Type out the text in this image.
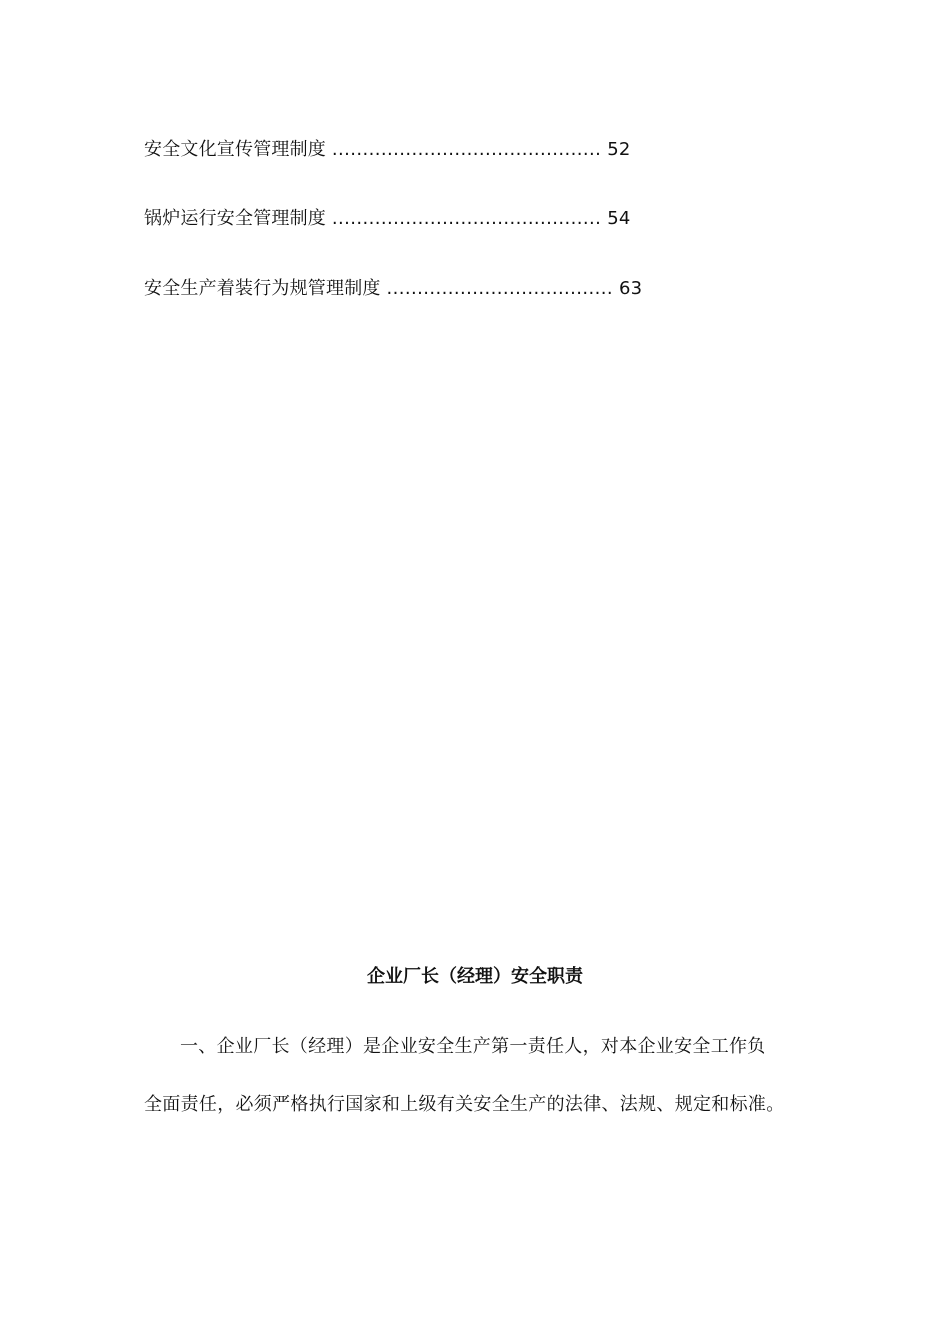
安全文化宣传管理制度 ............................................ 52
锅炉运行安全管理制度 ............................................ 54
安全生产着装行为规管理制度 ..................................... 63
企业厂长（经理）安全职责
一、企业厂长（经理）是企业安全生产第一责任人，对本企业安全工作负
全面责任，必须严格执行国家和上级有关安全生产的法律、法规、规定和标准。
